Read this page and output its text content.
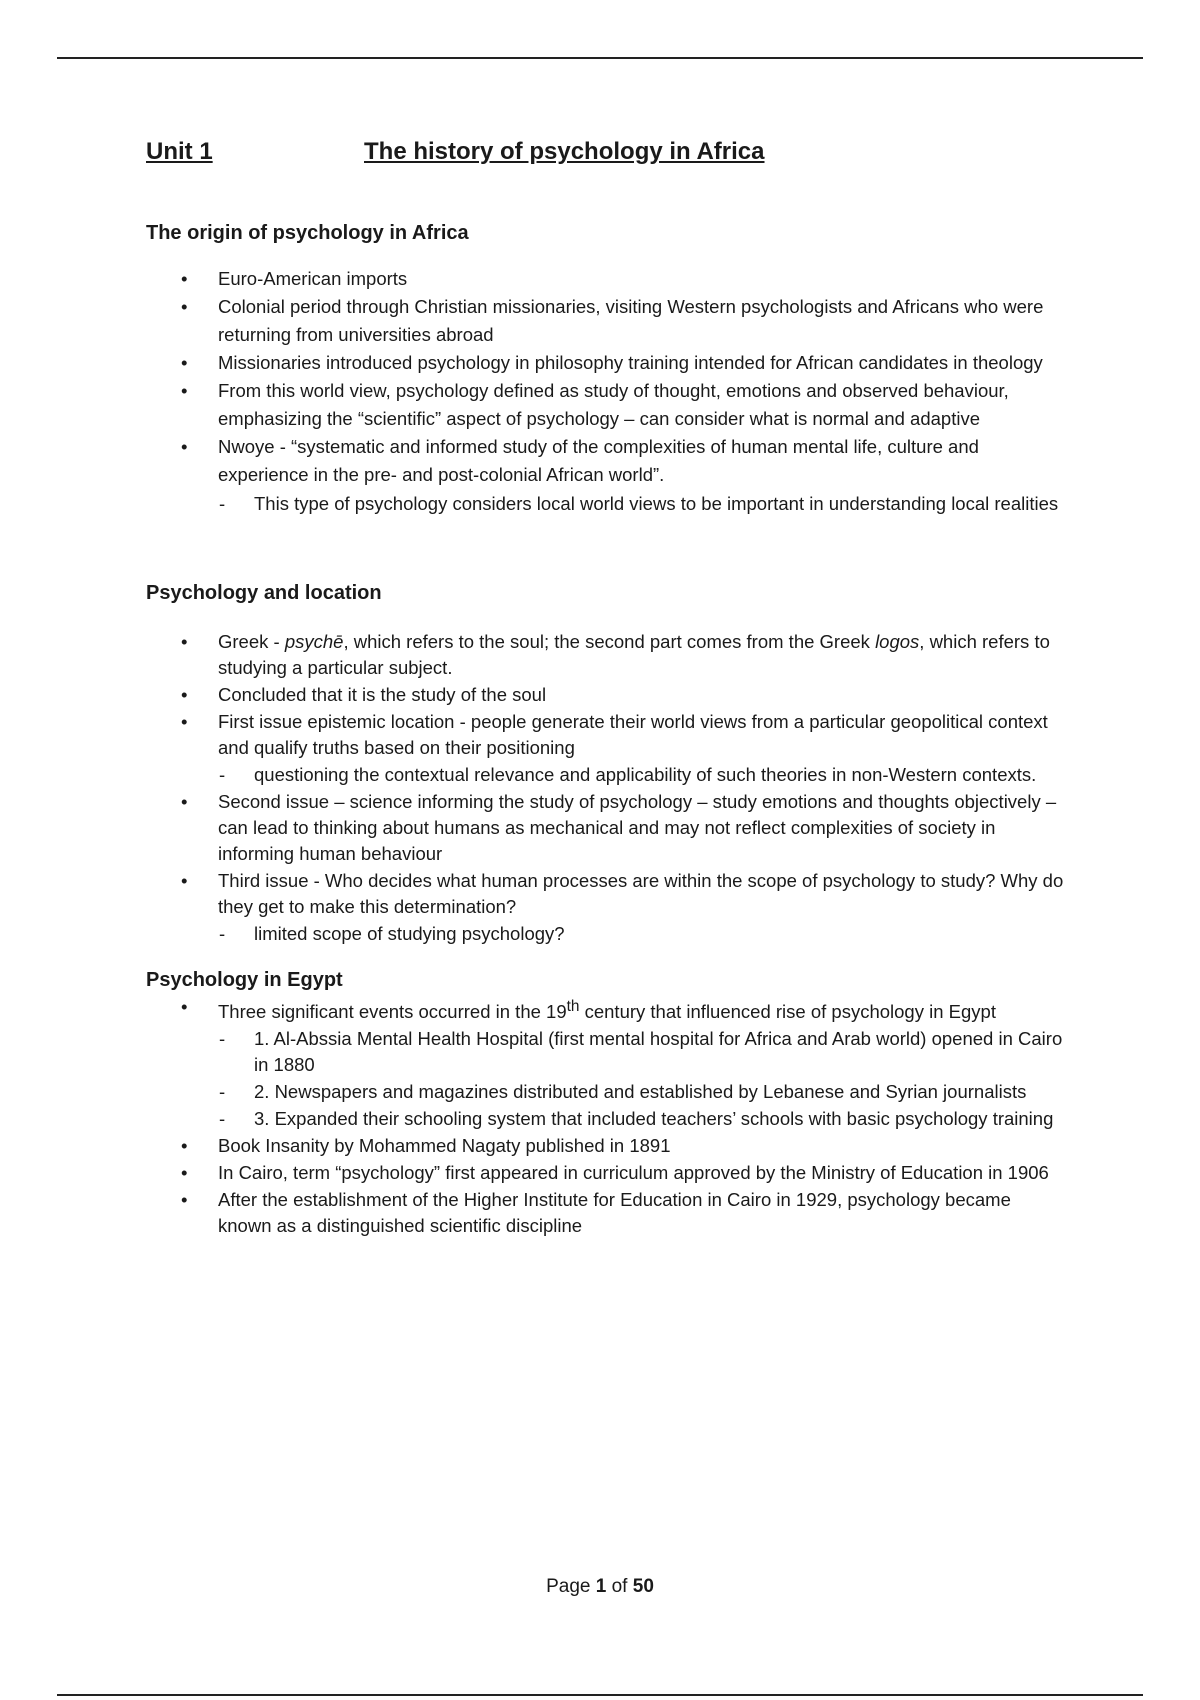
Unit 1	The history of psychology in Africa
The origin of psychology in Africa
• Euro-American imports
• Colonial period through Christian missionaries, visiting Western psychologists and Africans who were returning from universities abroad
• Missionaries introduced psychology in philosophy training intended for African candidates in theology
• From this world view, psychology defined as study of thought, emotions and observed behaviour, emphasizing the “scientific” aspect of psychology – can consider what is normal and adaptive
• Nwoye - “systematic and informed study of the complexities of human mental life, culture and experience in the pre- and post-colonial African world”.
- This type of psychology considers local world views to be important in understanding local realities
Psychology and location
• Greek - psychē, which refers to the soul; the second part comes from the Greek logos, which refers to studying a particular subject.
• Concluded that it is the study of the soul
• First issue epistemic location - people generate their world views from a particular geopolitical context and qualify truths based on their positioning
- questioning the contextual relevance and applicability of such theories in non-Western contexts.
• Second issue – science informing the study of psychology – study emotions and thoughts objectively – can lead to thinking about humans as mechanical and may not reflect complexities of society in informing human behaviour
• Third issue - Who decides what human processes are within the scope of psychology to study? Why do they get to make this determination?
- limited scope of studying psychology?
Psychology in Egypt
• Three significant events occurred in the 19th century that influenced rise of psychology in Egypt
- 1. Al-Abssia Mental Health Hospital (first mental hospital for Africa and Arab world) opened in Cairo in 1880
- 2. Newspapers and magazines distributed and established by Lebanese and Syrian journalists
- 3. Expanded their schooling system that included teachers’ schools with basic psychology training
• Book Insanity by Mohammed Nagaty published in 1891
• In Cairo, term “psychology” first appeared in curriculum approved by the Ministry of Education in 1906
• After the establishment of the Higher Institute for Education in Cairo in 1929, psychology became known as a distinguished scientific discipline
Page 1 of 50
